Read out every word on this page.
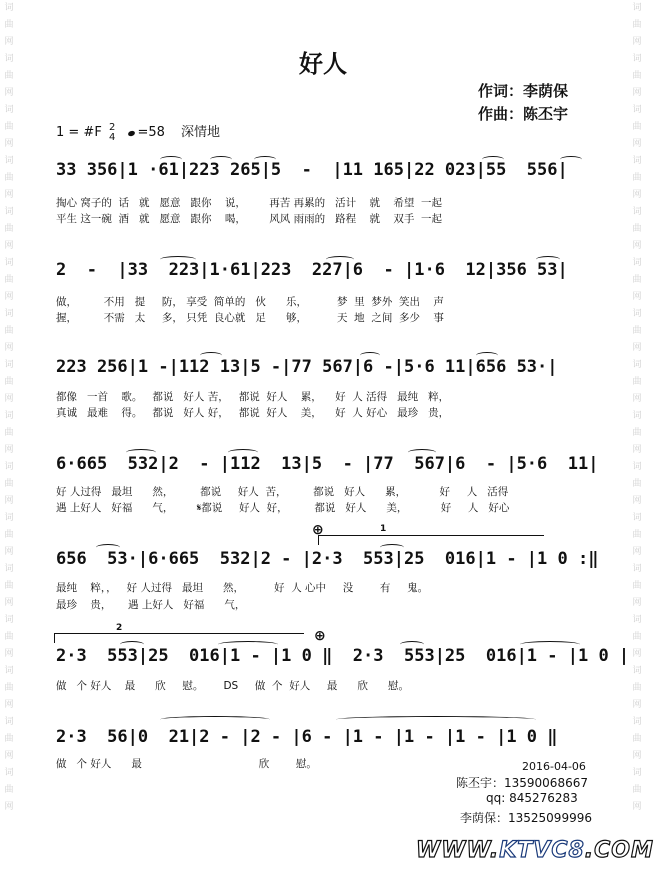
词曲网词曲网词曲网词曲网词曲网词曲网词曲网词曲网词曲网词曲网词曲网词曲网词曲网词曲网词曲网词曲网
词曲网词曲网词曲网词曲网词曲网词曲网词曲网词曲网词曲网词曲网词曲网词曲网词曲网词曲网词曲网词曲网
好人
作词：李荫保
作曲：陈丕宇
1 = #F 2
4 =58 深情地
33 356|1 ·61|223 265|5  -  |11 165|22 023|55  556|
掏心 窝子的  话   就   愿意   跟你    说，       再苦 再累的   活计    就    希望  一起
平生 这一碗  酒   就   愿意   跟你    喝，       风风 雨雨的   路程    就    双手  一起
2  -  |33  223|1·61|223  227|6  - |1·6  12|356 53|
做，        不用   提     防， 享受  简单的   伙      乐，         梦  里  梦外  笑出    声
握，        不需   太     多， 只凭  良心就   足      够，         天  地  之间  多少    事
223 256|1 -|112 13|5 -|77 567|6 -|5·6 11|656 53·|
都像   一首    歌。   都说   好人 苦，   都说  好人    累，    好  人 活得   最纯   粹，
真诚   最难    得。   都说   好人 好，   都说  好人    美，    好  人 好心   最珍   贵，
6·665  532|2  - |112  13|5  - |77  567|6  - |5·6  11|
好 人过得   最坦      然，        都说     好人  苦，        都说   好人      累，          好     人   活得
遇 上好人   好福      气，       𝄋都说     好人  好，        都说   好人      美，          好     人   好心
1
⊕
656  53·|6·665  532|2 - |2·3  553|25  016|1 - |1 0 :‖
最纯    粹，，   好 人过得   最坦      然，         好  人 心中     没        有     鬼。
最珍    贵，     遇 上好人   好福      气，
2	⊕
2·3  553|25  016|1 - |1 0 ‖  2·3  553|25  016|1 - |1 0 |
做   个 好人    最      欣     慰。      DS     做  个  好人     最      欣      慰。
2·3  56|0  21|2 - |2 - |6 - |1 - |1 - |1 - |1 0 ‖
做   个 好人      最                                   欣        慰。	2016-04-06
陈丕宇：13590068667
qq: 845276283
李荫保：13525099996
WWW.KTVC8.COM
